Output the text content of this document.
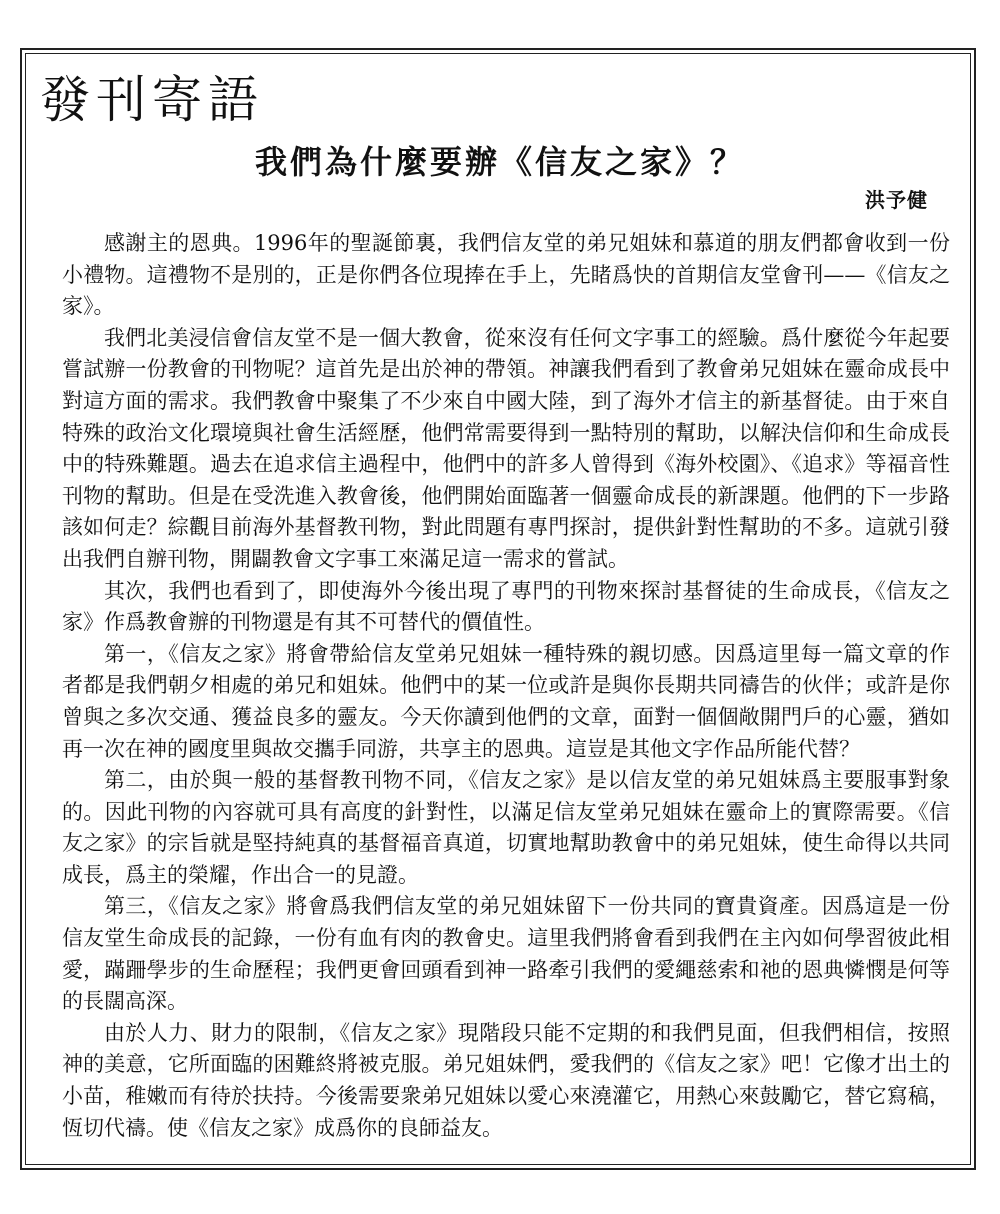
發刊寄語
我們為什麼要辦《信友之家》？
洪予健

感謝主的恩典。1996年的聖誕節裏，我們信友堂的弟兄姐妹和慕道的朋友們都會收到一份小禮物。這禮物不是別的，正是你們各位現捧在手上，先睹爲快的首期信友堂會刊——《信友之家》。

我們北美浸信會信友堂不是一個大教會，從來沒有任何文字事工的經驗。爲什麼從今年起要嘗試辦一份教會的刊物呢？這首先是出於神的帶領。神讓我們看到了教會弟兄姐妹在靈命成長中對這方面的需求。我們教會中聚集了不少來自中國大陸，到了海外才信主的新基督徒。由于來自特殊的政治文化環境與社會生活經歷，他們常需要得到一點特別的幫助，以解決信仰和生命成長中的特殊難題。過去在追求信主過程中，他們中的許多人曾得到《海外校園》、《追求》等福音性刊物的幫助。但是在受洗進入教會後，他們開始面臨著一個靈命成長的新課題。他們的下一步路該如何走？綜觀目前海外基督教刊物，對此問題有專門探討，提供針對性幫助的不多。這就引發出我們自辦刊物，開闢教會文字事工來滿足這一需求的嘗試。

其次，我們也看到了，即使海外今後出現了專門的刊物來探討基督徒的生命成長，《信友之家》作爲教會辦的刊物還是有其不可替代的價值性。

第一，《信友之家》將會帶給信友堂弟兄姐妹一種特殊的親切感。因爲這里每一篇文章的作者都是我們朝夕相處的弟兄和姐妹。他們中的某一位或許是與你長期共同禱告的伙伴；或許是你曾與之多次交通、獲益良多的靈友。今天你讀到他們的文章，面對一個個敞開門戶的心靈，猶如再一次在神的國度里與故交攜手同游，共享主的恩典。這豈是其他文字作品所能代替？

第二，由於與一般的基督教刊物不同，《信友之家》是以信友堂的弟兄姐妹爲主要服事對象的。因此刊物的內容就可具有高度的針對性，以滿足信友堂弟兄姐妹在靈命上的實際需要。《信友之家》的宗旨就是堅持純真的基督福音真道，切實地幫助教會中的弟兄姐妹，使生命得以共同成長，爲主的榮耀，作出合一的見證。

第三，《信友之家》將會爲我們信友堂的弟兄姐妹留下一份共同的寶貴資產。因爲這是一份信友堂生命成長的記錄，一份有血有肉的教會史。這里我們將會看到我們在主內如何學習彼此相愛，蹣跚學步的生命歷程；我們更會回頭看到神一路牽引我們的愛繩慈索和祂的恩典憐憫是何等的長闊高深。

由於人力、財力的限制，《信友之家》現階段只能不定期的和我們見面，但我們相信，按照神的美意，它所面臨的困難終將被克服。弟兄姐妹們，愛我們的《信友之家》吧！它像才出土的小苗，稚嫩而有待於扶持。今後需要衆弟兄姐妹以愛心來澆灌它，用熱心來鼓勵它，替它寫稿，恆切代禱。使《信友之家》成爲你的良師益友。
